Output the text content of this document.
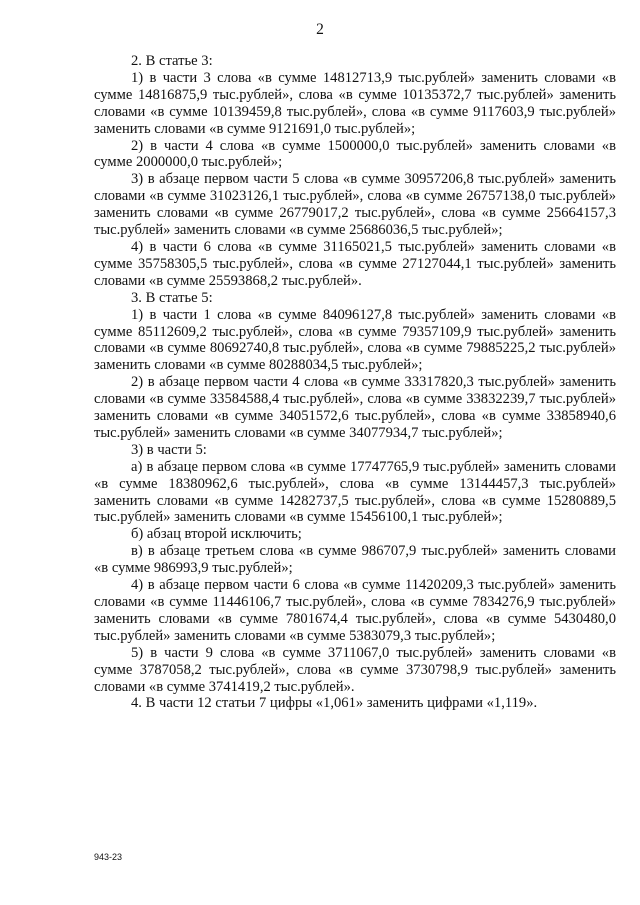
2

2. В статье 3:

1) в части 3 слова «в сумме 14812713,9 тыс.рублей» заменить словами «в сумме 14816875,9 тыс.рублей», слова «в сумме 10135372,7 тыс.рублей» заменить словами «в сумме 10139459,8 тыс.рублей», слова «в сумме 9117603,9 тыс.рублей» заменить словами «в сумме 9121691,0 тыс.рублей»;

2) в части 4 слова «в сумме 1500000,0 тыс.рублей» заменить словами «в сумме 2000000,0 тыс.рублей»;

3) в абзаце первом части 5 слова «в сумме 30957206,8 тыс.рублей» заменить словами «в сумме 31023126,1 тыс.рублей», слова «в сумме 26757138,0 тыс.рублей» заменить словами «в сумме 26779017,2 тыс.рублей», слова «в сумме 25664157,3 тыс.рублей» заменить словами «в сумме 25686036,5 тыс.рублей»;

4) в части 6 слова «в сумме 31165021,5 тыс.рублей» заменить словами «в сумме 35758305,5 тыс.рублей», слова «в сумме 27127044,1 тыс.рублей» заменить словами «в сумме 25593868,2 тыс.рублей».

3. В статье 5:

1) в части 1 слова «в сумме 84096127,8 тыс.рублей» заменить словами «в сумме 85112609,2 тыс.рублей», слова «в сумме 79357109,9 тыс.рублей» заменить словами «в сумме 80692740,8 тыс.рублей», слова «в сумме 79885225,2 тыс.рублей» заменить словами «в сумме 80288034,5 тыс.рублей»;

2) в абзаце первом части 4 слова «в сумме 33317820,3 тыс.рублей» заменить словами «в сумме 33584588,4 тыс.рублей», слова «в сумме 33832239,7 тыс.рублей» заменить словами «в сумме 34051572,6 тыс.рублей», слова «в сумме 33858940,6 тыс.рублей» заменить словами «в сумме 34077934,7 тыс.рублей»;

3) в части 5:

а) в абзаце первом слова «в сумме 17747765,9 тыс.рублей» заменить словами «в сумме 18380962,6 тыс.рублей», слова «в сумме 13144457,3 тыс.рублей» заменить словами «в сумме 14282737,5 тыс.рублей», слова «в сумме 15280889,5 тыс.рублей» заменить словами «в сумме 15456100,1 тыс.рублей»;

б) абзац второй исключить;

в) в абзаце третьем слова «в сумме 986707,9 тыс.рублей» заменить словами «в сумме 986993,9 тыс.рублей»;

4) в абзаце первом части 6 слова «в сумме 11420209,3 тыс.рублей» заменить словами «в сумме 11446106,7 тыс.рублей», слова «в сумме 7834276,9 тыс.рублей» заменить словами «в сумме 7801674,4 тыс.рублей», слова «в сумме 5430480,0 тыс.рублей» заменить словами «в сумме 5383079,3 тыс.рублей»;

5) в части 9 слова «в сумме 3711067,0 тыс.рублей» заменить словами «в сумме 3787058,2 тыс.рублей», слова «в сумме 3730798,9 тыс.рублей» заменить словами «в сумме 3741419,2 тыс.рублей».

4. В части 12 статьи 7 цифры «1,061» заменить цифрами «1,119».

943-23
